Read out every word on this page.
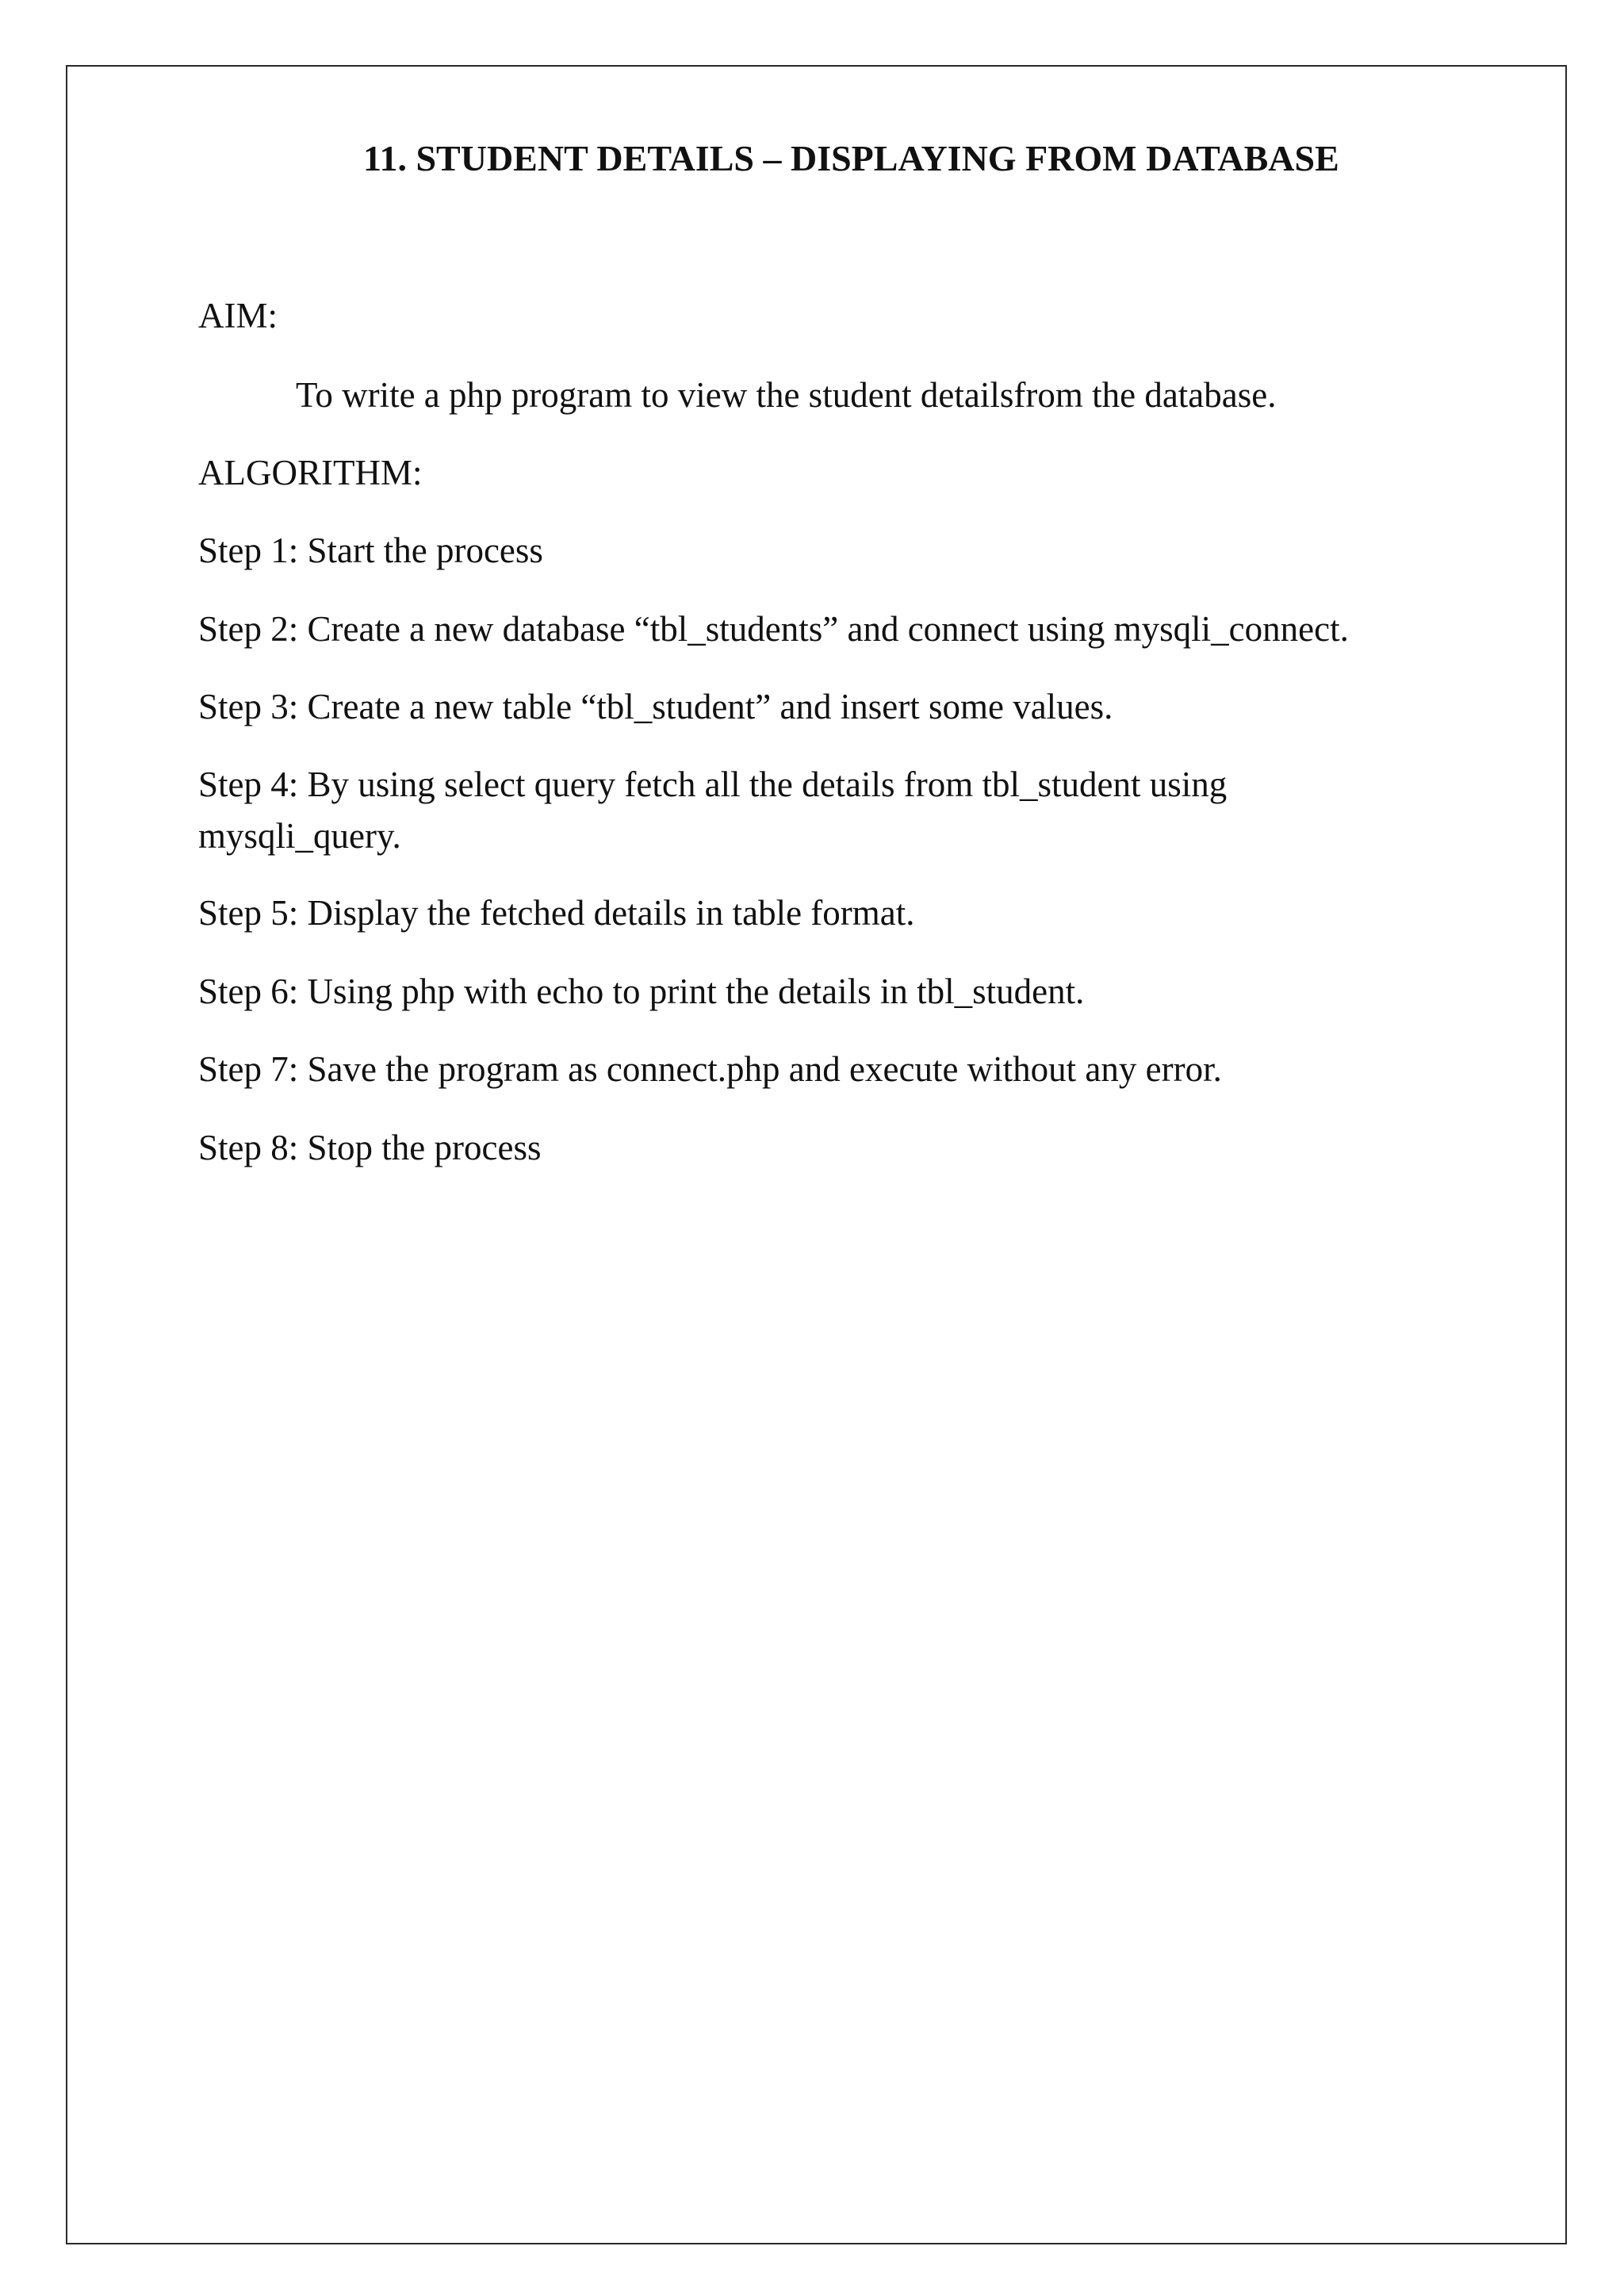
11. STUDENT DETAILS – DISPLAYING FROM DATABASE

AIM:

To write a php program to view the student detailsfrom the database.

ALGORITHM:

Step 1: Start the process

Step 2: Create a new database “tbl_students” and connect using mysqli_connect.

Step 3: Create a new table “tbl_student” and insert some values.

Step 4: By using select query fetch all the details from tbl_student using mysqli_query.

Step 5: Display the fetched details in table format.

Step 6: Using php with echo to print the details in tbl_student.

Step 7: Save the program as connect.php and execute without any error.

Step 8: Stop the process
